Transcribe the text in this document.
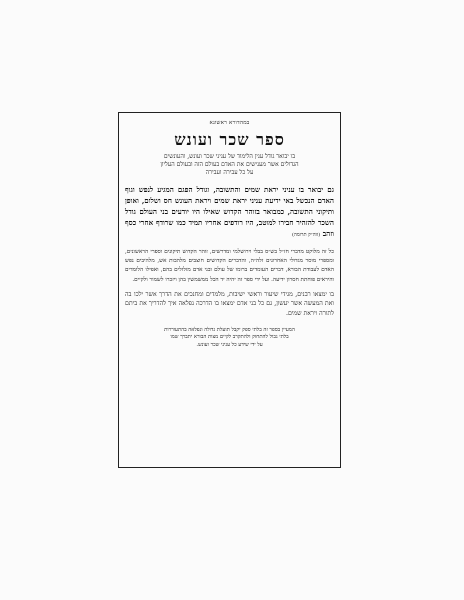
במהדורא ראשונא
ספר שכר ועונש
בו יבואר גודל ענין הלימוד של עניני שכר ועונש, והעונשים
הגדולים אשר מענישים את האדם בעולם הזה ובעולם העליון
על כל עבירה ועבירה
גם יבואר בו עניני יראת שמים והתשובה, וגודל הפגם המגיע לנפש וגוף האדם הנכשל באי ידיעת עניני יראת שמים ויראת העונש חס ושלום, ואופן ותיקוני התשובה, כמבואר בזוהר הקדוש שאילו היו יודעים בני העולם גודל השכר להזהיר חבירו למוטב, היו רודפים אחריו תמיד כמו שרודף אחרי כסף וזהב (זוה״ק תרומה)
כל זה מלוקט מדברי חז״ל בש״ס בבלי וירושלמי ומדרשים, זוהר הקדוש תיקונים וספרי הראשונים, ומספרי מוסר מגדולי האחרונים זלה״ה, והדברים הקדושים חוצבים מלהבות אש, מלהיבים נפש האדם לעבודת הבורא, דברים העומדים ברומו של עולם ובני אדם מזלזלים בהם, ואפילו הלומדים והיראים פוחתת חסרון ידיעה. ועל ידי ספר זה יהיה יד הכל ממשמשין בהן ויזכרו לשמור ולקיים.
בו ימצאו רבנים, מגידי שיעור וראשי ישיבות, מלמדים ומחנכים את הדרך אשר ילכו בה ואת המעשה אשר יעשון, גם כל בני אדם ימצאו בו הדרכה נפלאה איך להדריך את ביתם לתורה ויראת שמים.
המעיין בספר זה בלתי ספק יקבל תועלת גדולה ונפלאה בהתעוררות
בלתי גבול להתחזק ולהתקרב לקיים מצות הבורא יתברך שמו
על ידי שידע כל עניני שכר ועונש.
